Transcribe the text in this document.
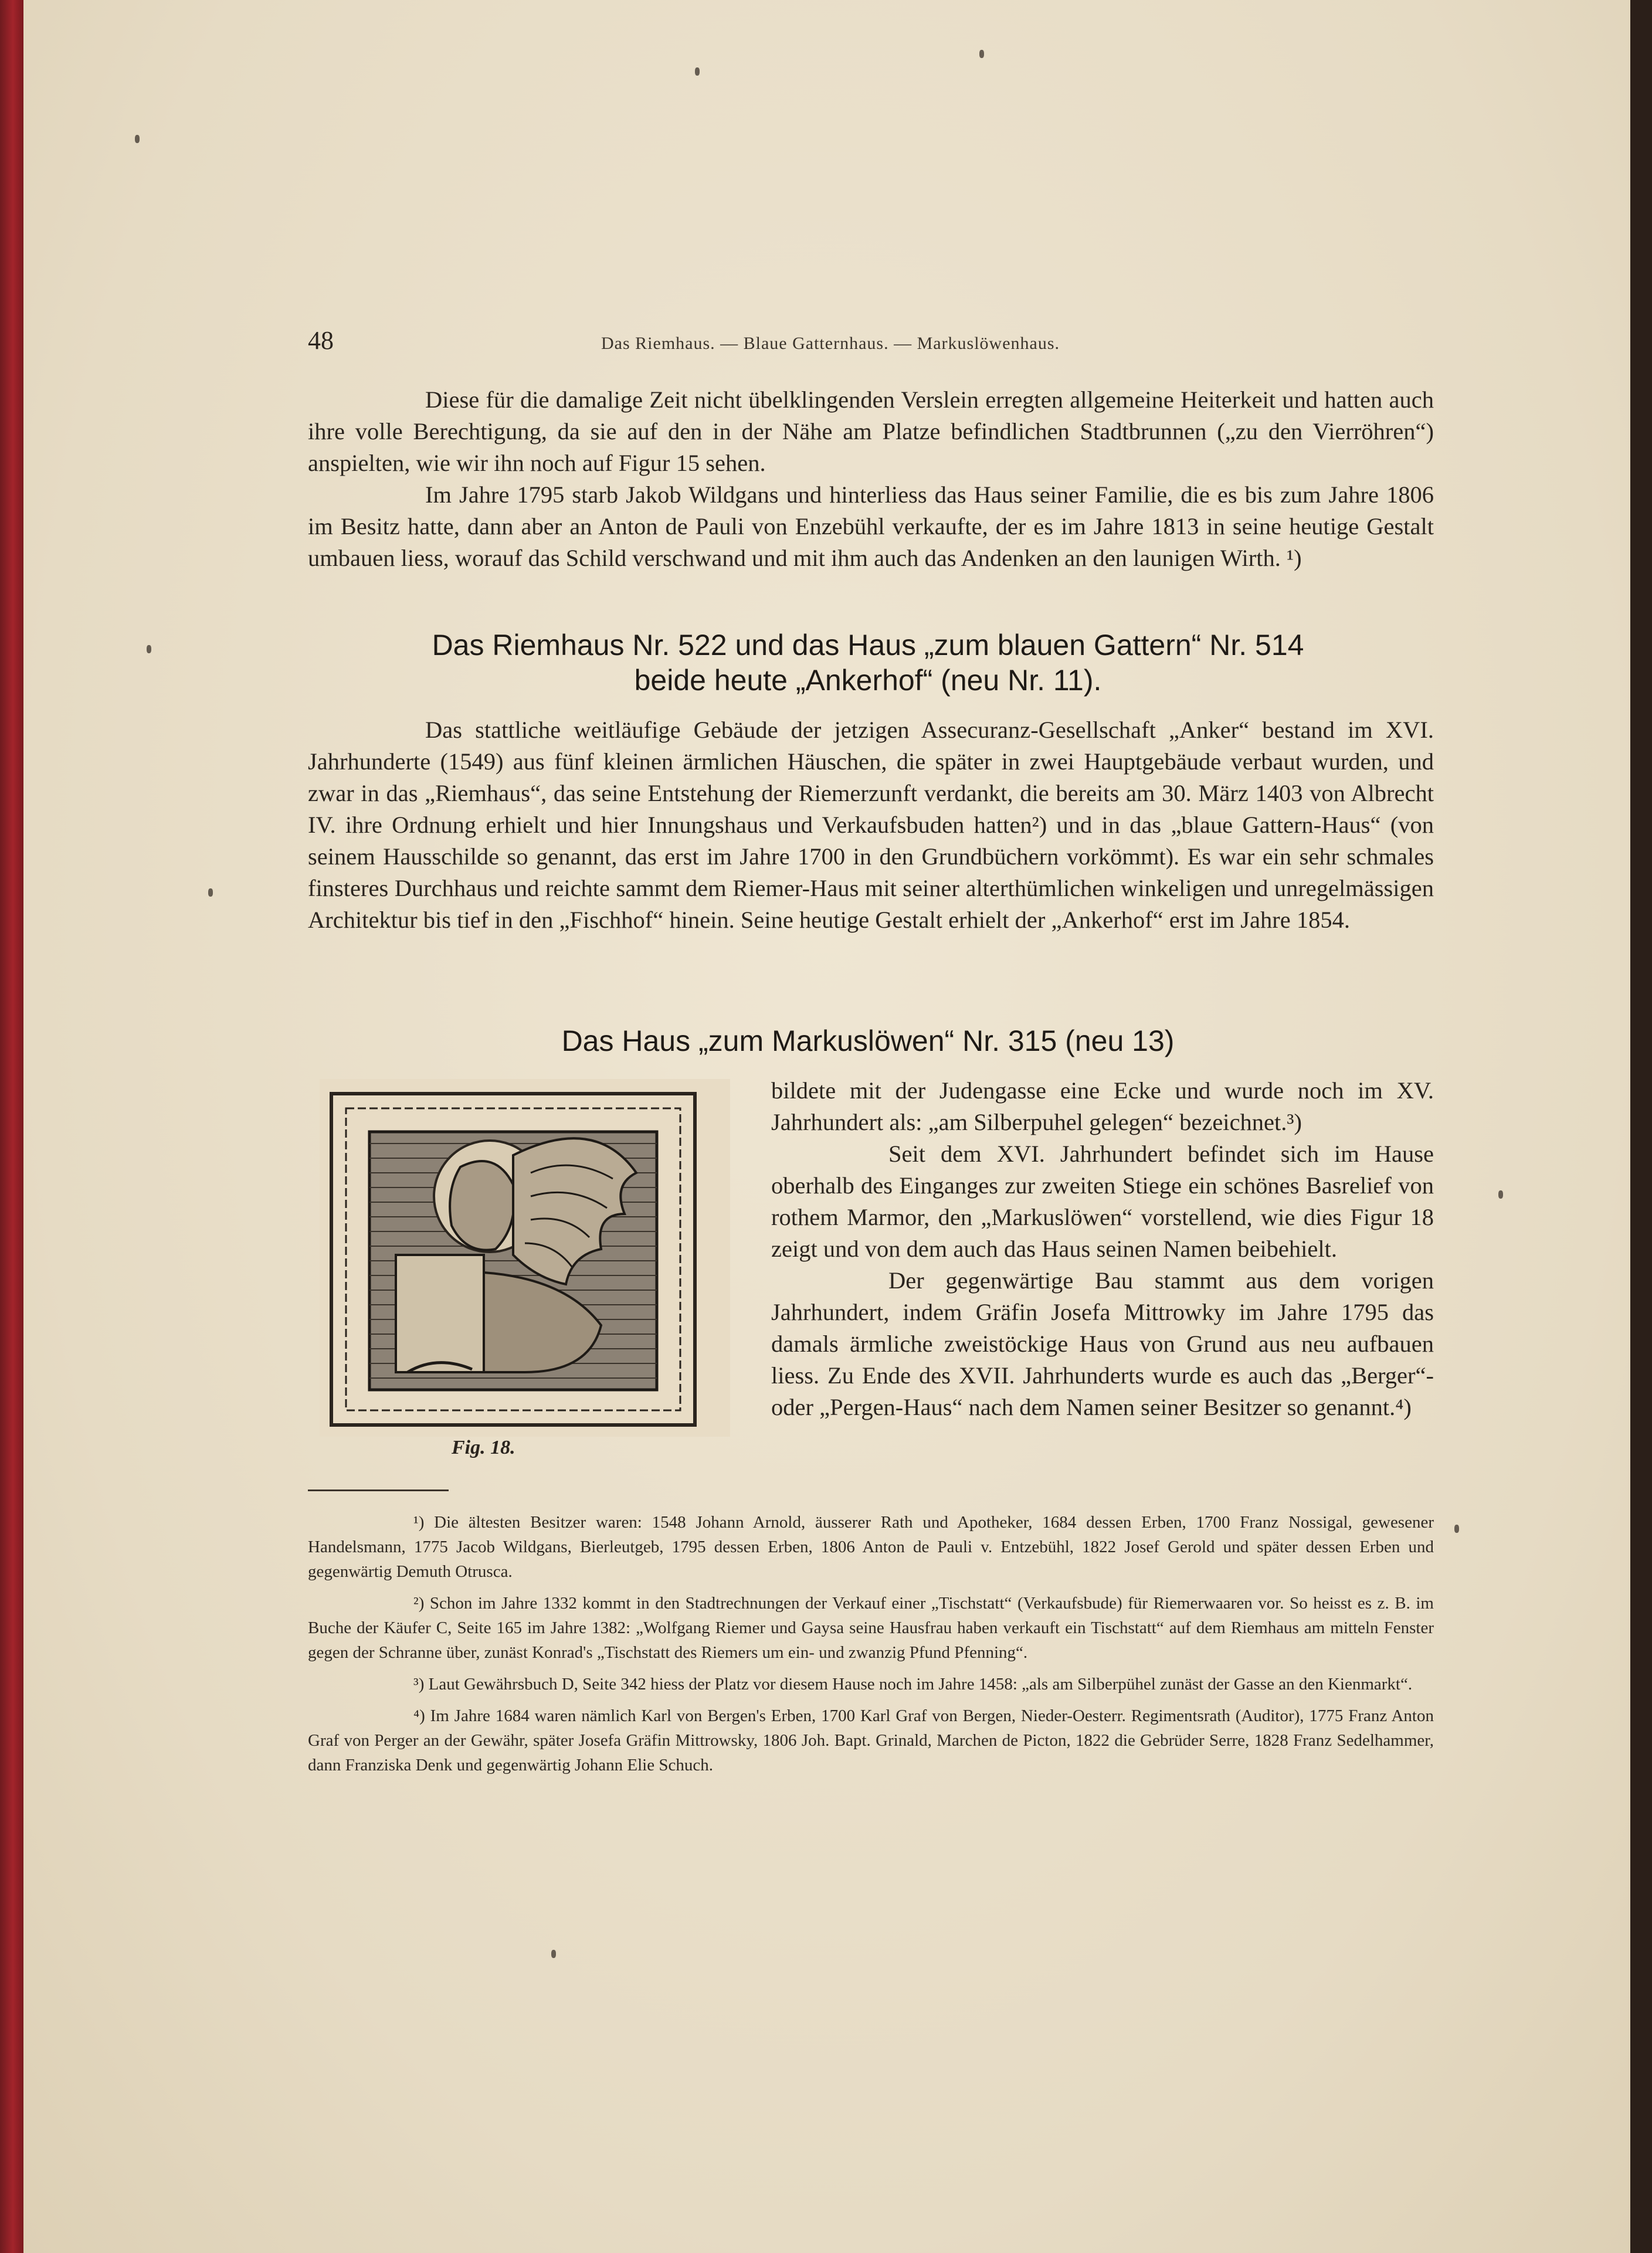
48	Das Riemhaus. — Blaue Gatternhaus. — Markuslöwenhaus.

Diese für die damalige Zeit nicht übelklingenden Verslein erregten allgemeine Heiterkeit und hatten auch ihre volle Berechtigung, da sie auf den in der Nähe am Platze befindlichen Stadtbrunnen („zu den Vierröhren“) anspielten, wie wir ihn noch auf Figur 15 sehen.

Im Jahre 1795 starb Jakob Wildgans und hinterliess das Haus seiner Familie, die es bis zum Jahre 1806 im Besitz hatte, dann aber an Anton de Pauli von Enzebühl verkaufte, der es im Jahre 1813 in seine heutige Gestalt umbauen liess, worauf das Schild verschwand und mit ihm auch das Andenken an den launigen Wirth. ¹)

Das Riemhaus Nr. 522 und das Haus „zum blauen Gattern“ Nr. 514
beide heute „Ankerhof“ (neu Nr. 11).

Das stattliche weitläufige Gebäude der jetzigen Assecuranz-Gesellschaft „Anker“ bestand im XVI. Jahrhunderte (1549) aus fünf kleinen ärmlichen Häuschen, die später in zwei Hauptgebäude verbaut wurden, und zwar in das „Riemhaus“, das seine Entstehung der Riemerzunft verdankt, die bereits am 30. März 1403 von Albrecht IV. ihre Ordnung erhielt und hier Innungshaus und Verkaufsbuden hatten²) und in das „blaue Gattern-Haus“ (von seinem Hausschilde so genannt, das erst im Jahre 1700 in den Grundbüchern vorkömmt). Es war ein sehr schmales finsteres Durchhaus und reichte sammt dem Riemer-Haus mit seiner alterthümlichen winkeligen und unregelmässigen Architektur bis tief in den „Fischhof“ hinein. Seine heutige Gestalt erhielt der „Ankerhof“ erst im Jahre 1854.

Das Haus „zum Markuslöwen“ Nr. 315 (neu 13)
Fig. 18.

bildete mit der Judengasse eine Ecke und wurde noch im XV. Jahrhundert als: „am Silberpuhel gelegen“ bezeichnet.³)

Seit dem XVI. Jahrhundert befindet sich im Hause oberhalb des Einganges zur zweiten Stiege ein schönes Basrelief von rothem Marmor, den „Markuslöwen“ vorstellend, wie dies Figur 18 zeigt und von dem auch das Haus seinen Namen beibehielt.

Der gegenwärtige Bau stammt aus dem vorigen Jahrhundert, indem Gräfin Josefa Mittrowky im Jahre 1795 das damals ärmliche zweistöckige Haus von Grund aus neu aufbauen liess. Zu Ende des XVII. Jahrhunderts wurde es auch das „Berger“- oder „Pergen-Haus“ nach dem Namen seiner Besitzer so genannt.⁴)

¹) Die ältesten Besitzer waren: 1548 Johann Arnold, äusserer Rath und Apotheker, 1684 dessen Erben, 1700 Franz Nossigal, gewesener Handelsmann, 1775 Jacob Wildgans, Bierleutgeb, 1795 dessen Erben, 1806 Anton de Pauli v. Entzebühl, 1822 Josef Gerold und später dessen Erben und gegenwärtig Demuth Otrusca.

²) Schon im Jahre 1332 kommt in den Stadtrechnungen der Verkauf einer „Tischstatt“ (Verkaufsbude) für Riemerwaaren vor. So heisst es z. B. im Buche der Käufer C, Seite 165 im Jahre 1382: „Wolfgang Riemer und Gaysa seine Hausfrau haben verkauft ein Tischstatt“ auf dem Riemhaus am mitteln Fenster gegen der Schranne über, zunäst Konrad's „Tischstatt des Riemers um ein- und zwanzig Pfund Pfenning“.

³) Laut Gewährsbuch D, Seite 342 hiess der Platz vor diesem Hause noch im Jahre 1458: „als am Silberpühel zunäst der Gasse an den Kienmarkt“.

⁴) Im Jahre 1684 waren nämlich Karl von Bergen's Erben, 1700 Karl Graf von Bergen, Nieder-Oesterr. Regimentsrath (Auditor), 1775 Franz Anton Graf von Perger an der Gewähr, später Josefa Gräfin Mittrowsky, 1806 Joh. Bapt. Grinald, Marchen de Picton, 1822 die Gebrüder Serre, 1828 Franz Sedelhammer, dann Franziska Denk und gegenwärtig Johann Elie Schuch.
